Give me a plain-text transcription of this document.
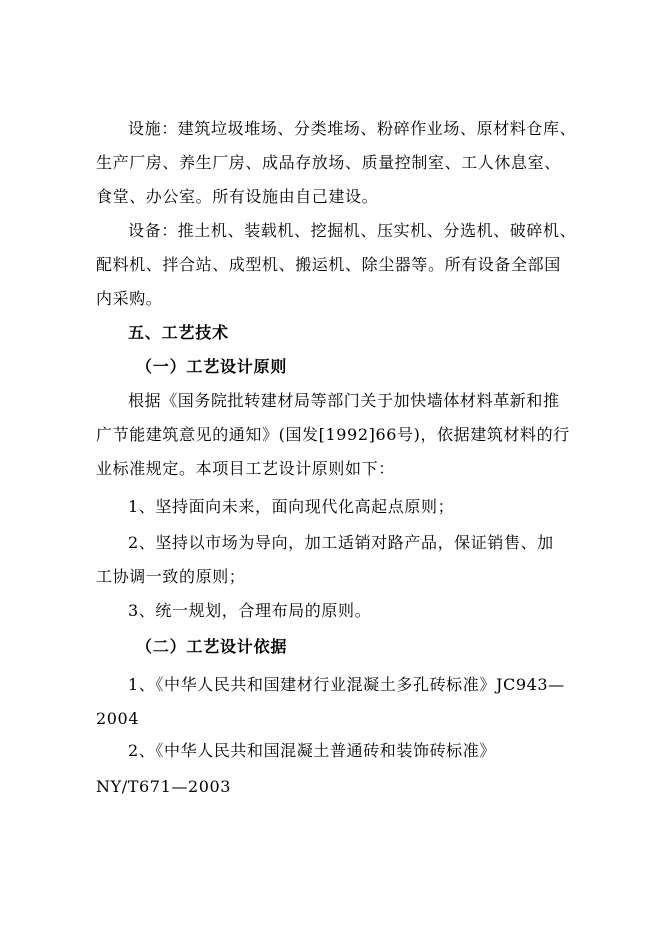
设施：建筑垃圾堆场、分类堆场、粉碎作业场、原材料仓库、
生产厂房、养生厂房、成品存放场、质量控制室、工人休息室、
食堂、办公室。所有设施由自己建设。
设备：推土机、装载机、挖掘机、压实机、分选机、破碎机、
配料机、拌合站、成型机、搬运机、除尘器等。所有设备全部国
内采购。
五、工艺技术
（一）工艺设计原则
根据《国务院批转建材局等部门关于加快墙体材料革新和推
广节能建筑意见的通知》(国发[1992]66号)，依据建筑材料的行
业标准规定。本项目工艺设计原则如下：
1、坚持面向未来，面向现代化高起点原则；
2、坚持以市场为导向，加工适销对路产品，保证销售、加
工协调一致的原则；
3、统一规划，合理布局的原则。
（二）工艺设计依据
1、《中华人民共和国建材行业混凝土多孔砖标准》JC943—
2004
2、《中华人民共和国混凝土普通砖和装饰砖标准》
NY/T671—2003
